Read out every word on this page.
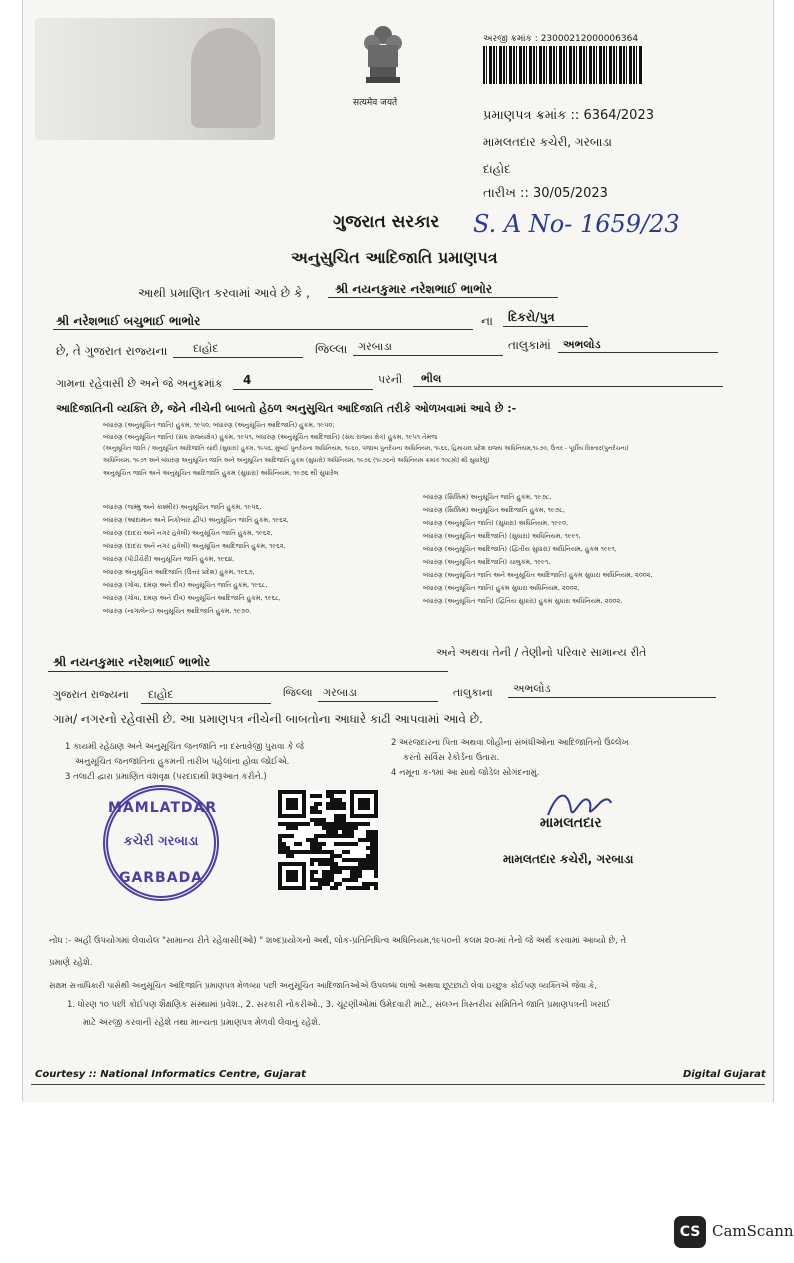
सत्यमेव जयते
અરજી ક્રમાંક : 23000212000006364
પ્રમાણપત્ર ક્રમાંક :: 6364/2023
મામલતદાર કચેરી, ગરબાડા
દાહોદ
તારીખ :: 30/05/2023
ગુજરાત સરકાર S. A No- 1659/23
અનુસુચિત આદિજાતિ પ્રમાણપત્ર
આથી પ્રમાણિત કરવામાં આવે છે કે , શ્રી નયનકુમાર નરેશભાઈ ભાભોર
શ્રી નરેશભાઈ બચુભાઈ ભાભોર	ના દિકરો/પુત્ર
છે, તે ગુજરાત રાજ્યના દાહોદ	જિલ્લા ગરબાડા	તાલુકામાં અભલોડ
ગામના રહેવાસી છે અને જે અનુક્રમાંક 4	પરની ભીલ
આદિજાતિની વ્યક્તિ છે, જેને નીચેની બાબતો હેઠળ અનુસુચિત આદિજાતિ તરીકે ઓળખવામાં આવે છે :-
બંધારણ (અનુસૂચિત જાતિ) હુકમ, ૧૯૫૦, બંધારણ (અનુસૂચિત આદિજાતિ) હુકમ, ૧૯૫૦;
બંધારણ (અનુસૂચિત જાતિ) (સંઘ રાજ્યક્ષેત્ર) હુકમ, ૧૯૫૧, બંધારણ (અનુસૂચિત આદિજાતિ) (સંઘ રાજ્ય ક્ષેત્ર) હુકમ, ૧૯૫૧ તેમજ
(અનુસૂચિત જાતિ / અનુસૂચિત આદિજાતિ યાદી (સુધારા) હુકમ, ૧૯૫૬, મુંબઈ પુનર્રચના અધિનિયમ, ૧૯૬૦, પંજાબ પુનર્રચના અધિનિયમ, ૧૯૬૬, હિમાચલ પ્રદેશ રાજ્ય અધિનિયમ,૧૯૭૦, ઉત્તર - પૂર્વીય વિસ્તાર(પુનર્રચના)
અધિનિયમ, ૧૯૭૧ અને બંધારણ અનુસૂચિત જાતિ અને અનુસૂચિત આદિજાતિ હુકમ (સુધારો) અધિનિયમ, ૧૯૭૬ (૧૯૭૬નો અધિનિયમ ક્રમાંક ૧૦૮મો) થી સુધારેલું)
અનુસૂચિત જાતિ અને અનુસૂચિત આદિજાતિ હુકમ (સુધારા) અધિનિયમ, ૧૯૭૬ થી સુધારેલ
બંધારણ (જમ્મુ અને કાશ્મીર) અનુસૂચિત જાતિ હુકમ, ૧૯૫૬,
બંધારણ (આંદામાન અને નિકોબાર દ્વીપ) અનુસૂચિત જાતિ હુકમ, ૧૯૬૨,
બંધારણ (દાદરા અને નગર હવેલી) અનુસૂચિત જાતિ હુકમ, ૧૯૬૨,
બંધારણ (દાદરા અને નગર હવેલી) અનુસૂચિત આદિજાતિ હુકમ, ૧૯૬૨,
બંધારણ (પોંડીચેરી) અનુસૂચિત જાતિ હુકમ, ૧૯૬૪,
બંધારણ અનુસૂચિત આદિજાતિ (ઉત્તર પ્રદેશ) હુકમ, ૧૯૬૭,
બંધારણ (ગોવા, દમણ અને દીવ) અનુસૂચિત જાતિ હુકમ, ૧૯૬૮,
બંધારણ (ગોવા, દમણ અને દીવ) અનુસૂચિત આદિજાતિ હુકમ, ૧૯૬૮,
બંધારણ (નાગાલેન્ડ) અનુસૂચિત આદિજાતિ હુકમ, ૧૯૭૦.
બંધારણ (સિક્કિમ) અનુસૂચિત જાતિ હુકમ, ૧૯૭૮,
બંધારણ (સિક્કિમ) અનુસૂચિત આદિજાતિ હુકમ, ૧૯૭૮,
બંધારણ (અનુસૂચિત જાતિ) (સુધારા) અધિનિયમ, ૧૯૯૦,
બંધારણ (અનુસૂચિત આદિજાતિ) (સુધારા) અધિનિયમ, ૧૯૯૧,
બંધારણ (અનુસૂચિત આદિજાતિ) (દ્વિતીય સુધારા) અધિનિયમ, હુકમ ૧૯૯૧,
બંધારણ (અનુસૂચિત આદિજાતિ) ચાલુકમ, ૧૯૯૧,
બંધારણ (અનુસૂચિત જાતિ અને અનુસૂચિત આદિજાતિ) હુકમ સુધારા અધિનિયમ, ૨૦૦૨,
બંધારણ (અનુસૂચિત જાતિ) હુકમ સુધારા અધિનિયમ, ૨૦૦૨,
બંધારણ (અનુસૂચિત જાતિ) (દ્વિતિય સુધારા) હુકમ સુધારા અધિનિયમ, ૨૦૦૨.
શ્રી નયનકુમાર નરેશભાઈ ભાભોર
અને અથવા તેની / તેણીનો પરિવાર સામાન્ય રીતે
ગુજરાત રાજ્યના દાહોદ	જિલ્લા ગરબાડા	તાલુકાના અભલોડ
ગામ/ નગરનો રહેવાસી છે. આ પ્રમાણપત્ર નીચેની બાબતોના આધારે કાઢી આપવામાં આવે છે.
1 કાયમી રહેઠાણ અને અનુસૂચિત જનજાતિ ના દસ્તાવેજી પુરાવા કે જે
અનુસૂચિત જનજાતિના હુકમની તારીખ પહેલાંના હોવા જોઈએ.
3 તલાટી દ્વારા પ્રમાણિત વંશવૃક્ષ (પરદાદાથી શરૂઆત કરીને.)
2 અરજદારના પિતા અથવા લોહીના સંબંધીઓના આદિજાતિનો ઉલ્લેખ
કરતો સર્વિસ રેકોર્ડના ઉતારા.
4 નમૂના ક-૧માં આ સાથે જોડેલ સોગંદનામું.
MAMLATDAR
કચેરી ગરબાડા
GARBADA
મામલતદાર
મામલતદાર કચેરી, ગરબાડા
નોંધ :- અહીં ઉપયોગમાં લેવાયેલ "સામાન્ય રીતે રહેવાસી(ઓ) " શબ્દપ્રયોગનો અર્થ, લોક-પ્રતિનિધિત્વ અધિનિયમ,૧૯૫૦ની કલમ ૨૦-માં તેનો જે અર્થ કરવામાં આવ્યો છે, તે
પ્રમાણે રહેશે.
સક્ષમ સત્તાધિકારી પાસેથી અનુસૂચિત આદિજાતિ પ્રમાણપત્ર મેળવ્યા પછી અનુસૂચિત આદિજાતિઓએ ઉપલબ્ધ લાભો અથવા છૂટછાટો લેવા ઇચ્છુક કોઈપણ વ્યક્તિએ જેવા કે,
1. ધોરણ ૧૦ પછી કોઈપણ શૈક્ષણિક સંસ્થામાં પ્રવેશ., 2. સરકારી નોકરીઓ., 3. ચૂંટણીઓમાં ઉમેદવારી માટે., સંલગ્ન ત્રિસ્તરીય સમિતિને જાતિ પ્રમાણપત્રની ખરાઈ
માટે અરજી કરવાની રહેશે તથા માન્યતા પ્રમાણપત્ર મેળવી લેવાનું રહેશે.
Courtesy :: National Informatics Centre, Gujarat	Digital Gujarat
CS CamScann
